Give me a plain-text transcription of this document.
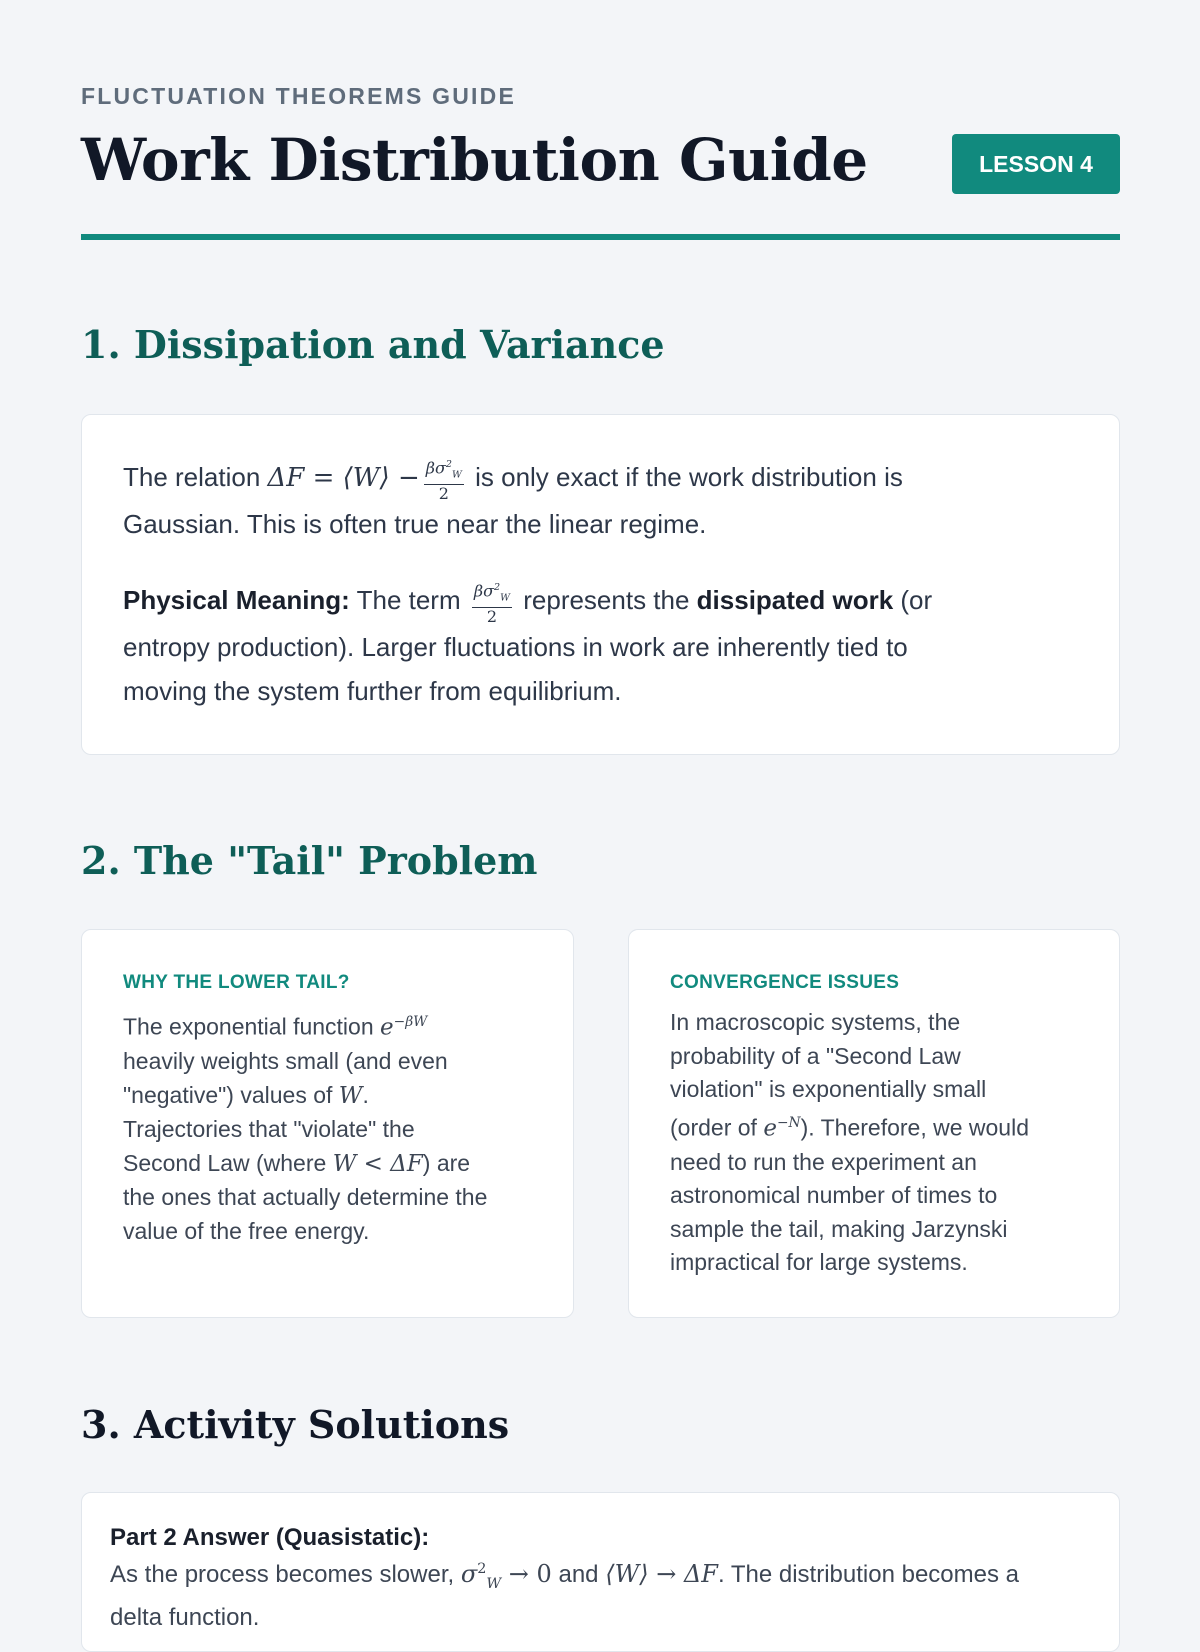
FLUCTUATION THEOREMS GUIDE
Work Distribution Guide	LESSON 4
1. Dissipation and Variance
The relation ΔF = ⟨W⟩ − $\frac{\beta\sigma^2_W}{2}$ is only exact if the work distribution is
Gaussian. This is often true near the linear regime.
Physical Meaning: The term $\frac{\beta\sigma^2_W}{2}$ represents the dissipated work (or
entropy production). Larger fluctuations in work are inherently tied to
moving the system further from equilibrium.
2. The "Tail" Problem
WHY THE LOWER TAIL?
The exponential function $e^{-\beta W}$
heavily weights small (and even
"negative") values of W.
Trajectories that "violate" the
Second Law (where W < ΔF) are
the ones that actually determine the
value of the free energy.
CONVERGENCE ISSUES
In macroscopic systems, the
probability of a "Second Law
violation" is exponentially small
(order of $e^{-N}$). Therefore, we would
need to run the experiment an
astronomical number of times to
sample the tail, making Jarzynski
impractical for large systems.
3. Activity Solutions
Part 2 Answer (Quasistatic):
As the process becomes slower, $\sigma^2_W \to 0$ and ⟨W⟩ → ΔF. The distribution becomes a
delta function.
